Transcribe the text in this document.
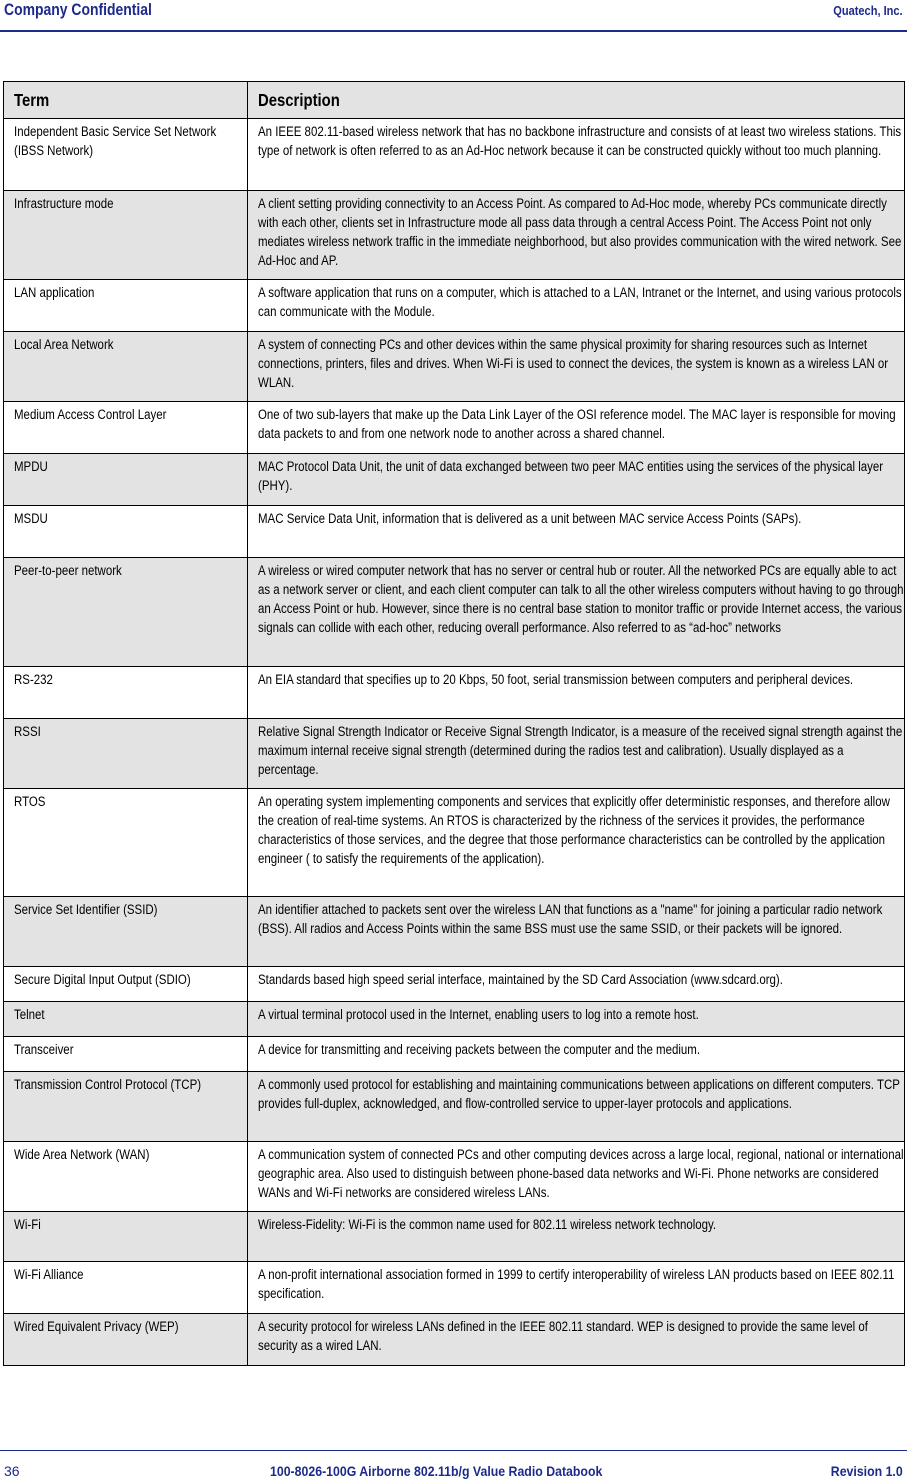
Company Confidential	Quatech, Inc.
Term	Description

Independent Basic Service Set Network (IBSS Network)	An IEEE 802.11-based wireless network that has no backbone infrastructure and consists of at least two wireless stations. This type of network is often referred to as an Ad-Hoc network because it can be constructed quickly without too much planning.

Infrastructure mode	A client setting providing connectivity to an Access Point. As compared to Ad-Hoc mode, whereby PCs communicate directly with each other, clients set in Infrastructure mode all pass data through a central Access Point. The Access Point not only mediates wireless network traffic in the immediate neighborhood, but also provides communication with the wired network. See Ad-Hoc and AP.

LAN application	A software application that runs on a computer, which is attached to a LAN, Intranet or the Internet, and using various protocols can communicate with the Module.

Local Area Network	A system of connecting PCs and other devices within the same physical proximity for sharing resources such as Internet connections, printers, files and drives. When Wi-Fi is used to connect the devices, the system is known as a wireless LAN or WLAN.

Medium Access Control Layer	One of two sub-layers that make up the Data Link Layer of the OSI reference model. The MAC layer is responsible for moving data packets to and from one network node to another across a shared channel.

MPDU	MAC Protocol Data Unit, the unit of data exchanged between two peer MAC entities using the services of the physical layer (PHY).

MSDU	MAC Service Data Unit, information that is delivered as a unit between MAC service Access Points (SAPs).

Peer-to-peer network	A wireless or wired computer network that has no server or central hub or router. All the networked PCs are equally able to act as a network server or client, and each client computer can talk to all the other wireless computers without having to go through an Access Point or hub. However, since there is no central base station to monitor traffic or provide Internet access, the various signals can collide with each other, reducing overall performance. Also referred to as “ad-hoc” networks

RS-232	An EIA standard that specifies up to 20 Kbps, 50 foot, serial transmission between computers and peripheral devices.

RSSI	Relative Signal Strength Indicator or Receive Signal Strength Indicator, is a measure of the received signal strength against the maximum internal receive signal strength (determined during the radios test and calibration). Usually displayed as a percentage.

RTOS	An operating system implementing components and services that explicitly offer deterministic responses, and therefore allow the creation of real-time systems. An RTOS is characterized by the richness of the services it provides, the performance characteristics of those services, and the degree that those performance characteristics can be controlled by the application engineer ( to satisfy the requirements of the application).

Service Set Identifier (SSID)	An identifier attached to packets sent over the wireless LAN that functions as a "name" for joining a particular radio network (BSS). All radios and Access Points within the same BSS must use the same SSID, or their packets will be ignored.

Secure Digital Input Output (SDIO)	Standards based high speed serial interface, maintained by the SD Card Association (www.sdcard.org).

Telnet	A virtual terminal protocol used in the Internet, enabling users to log into a remote host.

Transceiver	A device for transmitting and receiving packets between the computer and the medium.

Transmission Control Protocol (TCP)	A commonly used protocol for establishing and maintaining communications between applications on different computers. TCP provides full-duplex, acknowledged, and flow-controlled service to upper-layer protocols and applications.

Wide Area Network (WAN)	A communication system of connected PCs and other computing devices across a large local, regional, national or international geographic area. Also used to distinguish between phone-based data networks and Wi-Fi. Phone networks are considered WANs and Wi-Fi networks are considered wireless LANs.

Wi-Fi	Wireless-Fidelity: Wi-Fi is the common name used for 802.11 wireless network technology.

Wi-Fi Alliance	A non-profit international association formed in 1999 to certify interoperability of wireless LAN products based on IEEE 802.11 specification.

Wired Equivalent Privacy (WEP)	A security protocol for wireless LANs defined in the IEEE 802.11 standard. WEP is designed to provide the same level of security as a wired LAN.
36	100-8026-100G Airborne 802.11b/g Value Radio Databook	Revision 1.0
